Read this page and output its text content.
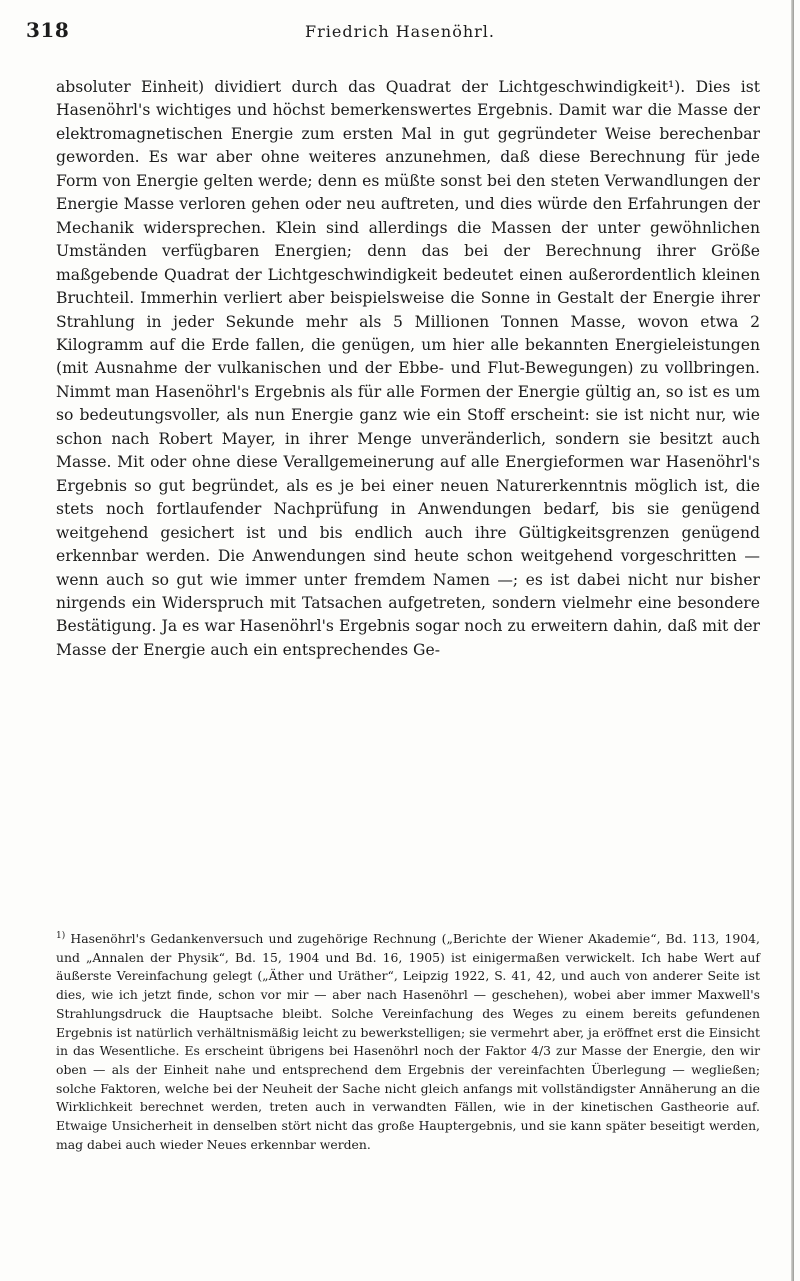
318	Friedrich Hasenöhrl.

absoluter Einheit) dividiert durch das Quadrat der Lichtgeschwindigkeit¹). Dies ist Hasenöhrl's wichtiges und höchst bemerkenswertes Ergebnis. Damit war die Masse der elektromagnetischen Energie zum ersten Mal in gut gegründeter Weise berechenbar geworden. Es war aber ohne weiteres anzunehmen, daß diese Berechnung für jede Form von Energie gelten werde; denn es müßte sonst bei den steten Verwandlungen der Energie Masse verloren gehen oder neu auftreten, und dies würde den Erfahrungen der Mechanik widersprechen. Klein sind allerdings die Massen der unter gewöhnlichen Umständen verfügbaren Energien; denn das bei der Berechnung ihrer Größe maßgebende Quadrat der Lichtgeschwindigkeit bedeutet einen außerordentlich kleinen Bruchteil. Immerhin verliert aber beispielsweise die Sonne in Gestalt der Energie ihrer Strahlung in jeder Sekunde mehr als 5 Millionen Tonnen Masse, wovon etwa 2 Kilogramm auf die Erde fallen, die genügen, um hier alle bekannten Energieleistungen (mit Ausnahme der vulkanischen und der Ebbe- und Flut-Bewegungen) zu vollbringen. Nimmt man Hasenöhrl's Ergebnis als für alle Formen der Energie gültig an, so ist es um so bedeutungsvoller, als nun Energie ganz wie ein Stoff erscheint: sie ist nicht nur, wie schon nach Robert Mayer, in ihrer Menge unveränderlich, sondern sie besitzt auch Masse. Mit oder ohne diese Verallgemeinerung auf alle Energieformen war Hasenöhrl's Ergebnis so gut begründet, als es je bei einer neuen Naturerkenntnis möglich ist, die stets noch fortlaufender Nachprüfung in Anwendungen bedarf, bis sie genügend weitgehend gesichert ist und bis endlich auch ihre Gültigkeitsgrenzen genügend erkennbar werden. Die Anwendungen sind heute schon weitgehend vorgeschritten — wenn auch so gut wie immer unter fremdem Namen —; es ist dabei nicht nur bisher nirgends ein Widerspruch mit Tatsachen aufgetreten, sondern vielmehr eine besondere Bestätigung. Ja es war Hasenöhrl's Ergebnis sogar noch zu erweitern dahin, daß mit der Masse der Energie auch ein entsprechendes Ge-

$^{1)}$ Hasenöhrl's Gedankenversuch und zugehörige Rechnung („Berichte der Wiener Akademie“, Bd. 113, 1904, und „Annalen der Physik“, Bd. 15, 1904 und Bd. 16, 1905) ist einigermaßen verwickelt. Ich habe Wert auf äußerste Vereinfachung gelegt („Äther und Uräther“, Leipzig 1922, S. 41, 42, und auch von anderer Seite ist dies, wie ich jetzt finde, schon vor mir — aber nach Hasenöhrl — geschehen), wobei aber immer Maxwell's Strahlungsdruck die Hauptsache bleibt. Solche Vereinfachung des Weges zu einem bereits gefundenen Ergebnis ist natürlich verhältnismäßig leicht zu bewerkstelligen; sie vermehrt aber, ja eröffnet erst die Einsicht in das Wesentliche. Es erscheint übrigens bei Hasenöhrl noch der Faktor 4/3 zur Masse der Energie, den wir oben — als der Einheit nahe und entsprechend dem Ergebnis der vereinfachten Überlegung — wegließen; solche Faktoren, welche bei der Neuheit der Sache nicht gleich anfangs mit vollständigster Annäherung an die Wirklichkeit berechnet werden, treten auch in verwandten Fällen, wie in der kinetischen Gastheorie auf. Etwaige Unsicherheit in denselben stört nicht das große Hauptergebnis, und sie kann später beseitigt werden, mag dabei auch wieder Neues erkennbar werden.
